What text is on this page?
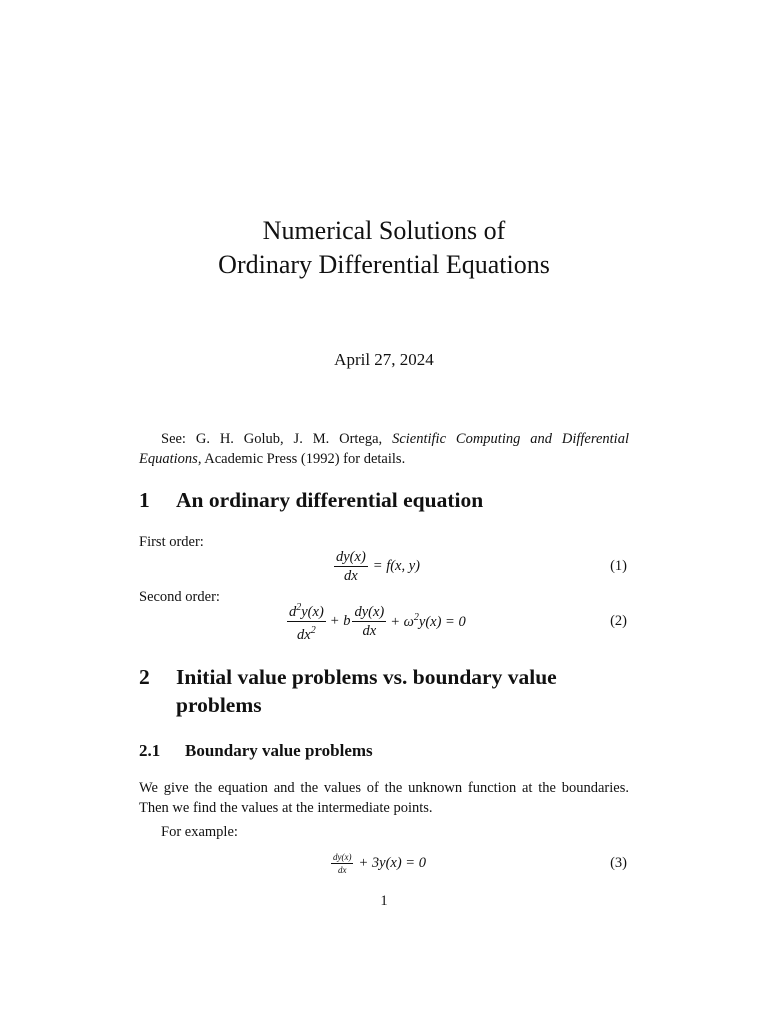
Numerical Solutions of
Ordinary Differential Equations
April 27, 2024

See: G. H. Golub, J. M. Ortega, Scientific Computing and Differential Equations, Academic Press (1992) for details.

1	An ordinary differential equation
First order:
$\frac{dy(x)}{dx} = f(x$, y)	(1)
Second order:
$\frac{d^2y(x)}{dx^2} + b \frac{dy(x)}{dx} + \omega^2y(x) = 0$	(2)
2	Initial value problems vs. boundary value problems
2.1	Boundary value problems

We give the equation and the values of the unknown function at the boundaries. Then we find the values at the intermediate points.

For example:

$\frac{dy(x)}{dx} + 3y(x) = 0$	(3)
1
